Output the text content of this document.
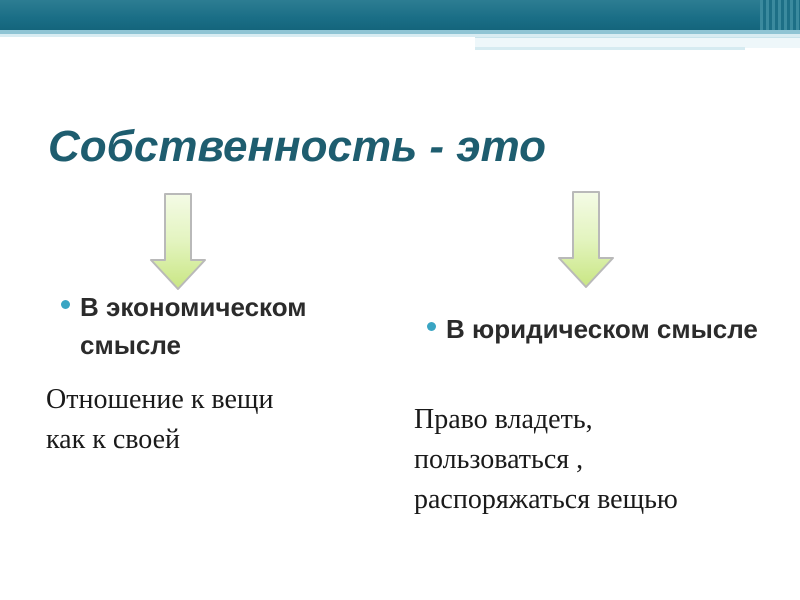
Собственность - это
В экономическом смысле
Отношение к вещи
как к своей
В юридическом смысле
Право владеть,
пользоваться ,
распоряжаться вещью
